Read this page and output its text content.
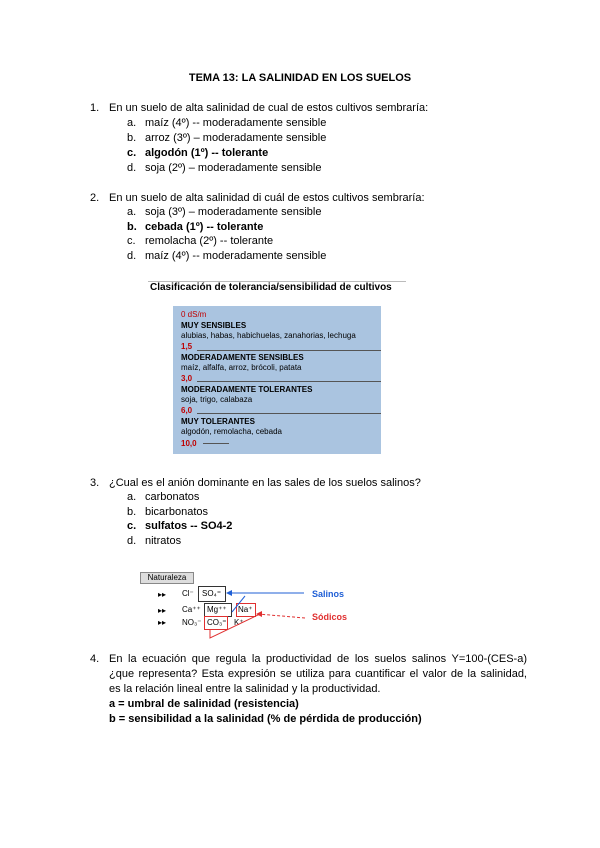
TEMA 13: LA SALINIDAD EN LOS SUELOS
1. En un suelo de alta salinidad de cual de estos cultivos sembraría:
a. maíz (4º) -- moderadamente sensible
b. arroz (3º) – moderadamente sensible
c. algodón (1º) -- tolerante
d. soja (2º) – moderadamente sensible
2. En un suelo de alta salinidad di cuál de estos cultivos sembraría:
a. soja (3º) – moderadamente sensible
b. cebada (1º) -- tolerante
c. remolacha (2º) -- tolerante
d. maíz (4º) -- moderadamente sensible
Clasificación de tolerancia/sensibilidad de cultivos
0 dS/m
MUY SENSIBLES
alubias, habas, habichuelas, zanahorias, lechuga
1,5
MODERADAMENTE SENSIBLES
maíz, alfalfa, arroz, brócoli, patata
3,0
MODERADAMENTE TOLERANTES
soja, trigo, calabaza
6,0
MUY TOLERANTES
algodón, remolacha, cebada
10,0
3. ¿Cual es el anión dominante en las sales de los suelos salinos?
a. carbonatos
b. bicarbonatos
c. sulfatos -- SO4-2
d. nitratos
Naturaleza
▸▸
▸▸
▸▸
Cl⁻ SO₄⁼
Ca⁺⁺ Mg⁺⁺ Na⁺
NO₃⁻ CO₃⁼ K⁺
Salinos
Sódicos
4. En la ecuación que regula la productividad de los suelos salinos Y=100-(CES-a)
¿que representa? Esta expresión se utiliza para cuantificar el valor de la salinidad,
es la relación lineal entre la salinidad y la productividad.
a = umbral de salinidad (resistencia)
b = sensibilidad a la salinidad (% de pérdida de producción)
